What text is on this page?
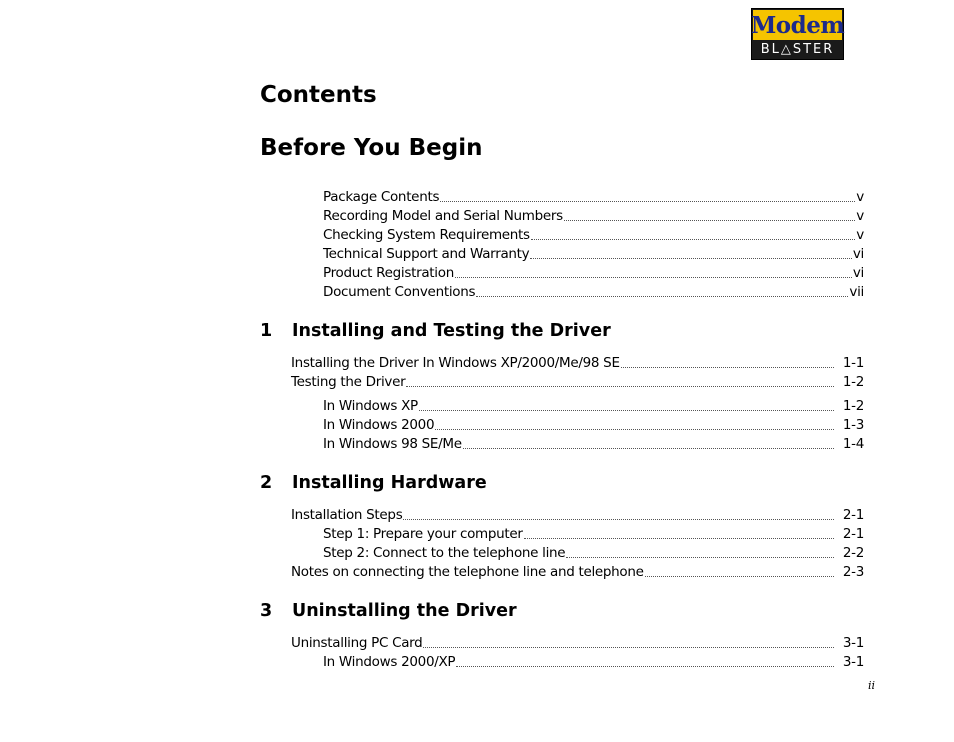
Modem
BL△STER
Contents
Before You Begin
Package Contents	v
Recording Model and Serial Numbers	v
Checking System Requirements	v
Technical Support and Warranty	vi
Product Registration	vi
Document Conventions	vii
1	Installing and Testing the Driver
Installing the Driver In Windows XP/2000/Me/98 SE	1-1
Testing the Driver	1-2
In Windows XP	1-2
In Windows 2000	1-3
In Windows 98 SE/Me	1-4
2	Installing Hardware
Installation Steps	2-1
Step 1: Prepare your computer	2-1
Step 2: Connect to the telephone line	2-2
Notes on connecting the telephone line and telephone	2-3
3	Uninstalling the Driver
Uninstalling PC Card	3-1
In Windows 2000/XP	3-1
ii
